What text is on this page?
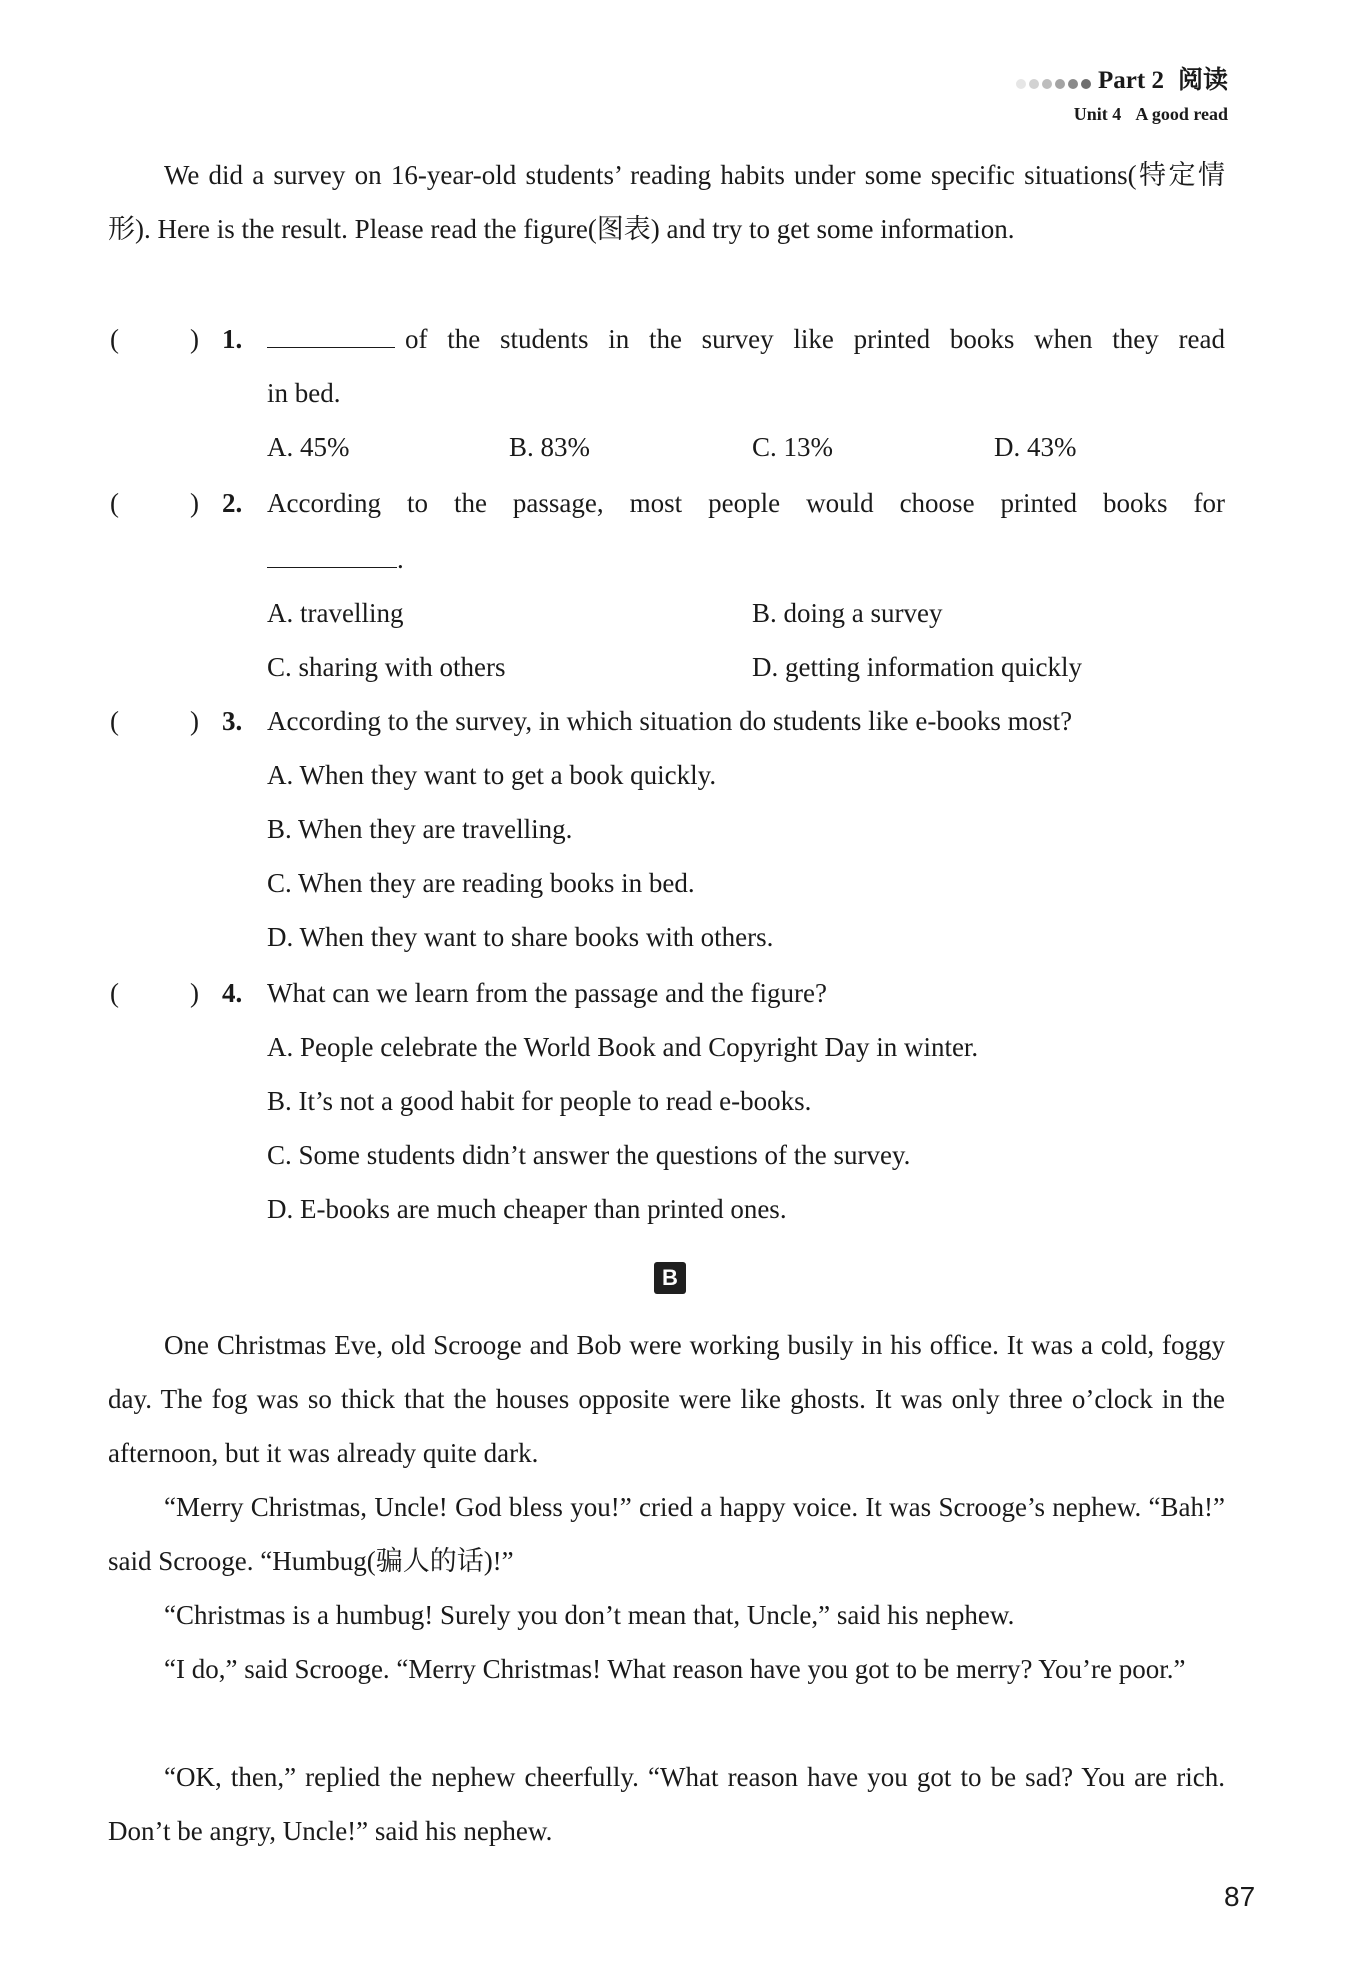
Part 2 阅读
Unit 4 A good read
We did a survey on 16-year-old students’ reading habits under some specific situations(特定情形). Here is the result. Please read the figure(图表) and try to get some information.
(	) 1.	of the students in the survey like printed books when they read
in bed.
A. 45%	B. 83%	C. 13%	D. 43%
(	) 2. According to the passage, most people would choose printed books for
.
A. travelling	B. doing a survey
C. sharing with others	D. getting information quickly
(	) 3. According to the survey, in which situation do students like e-books most?
A. When they want to get a book quickly.
B. When they are travelling.
C. When they are reading books in bed.
D. When they want to share books with others.
(	) 4. What can we learn from the passage and the figure?
A. People celebrate the World Book and Copyright Day in winter.
B. It’s not a good habit for people to read e-books.
C. Some students didn’t answer the questions of the survey.
D. E-books are much cheaper than printed ones.
B
One Christmas Eve, old Scrooge and Bob were working busily in his office. It was a cold, foggy day. The fog was so thick that the houses opposite were like ghosts. It was only three o’clock in the afternoon, but it was already quite dark.
“Merry Christmas, Uncle! God bless you!” cried a happy voice. It was Scrooge’s nephew. “Bah!” said Scrooge. “Humbug(骗人的话)!”
“Christmas is a humbug! Surely you don’t mean that, Uncle,” said his nephew.
“I do,” said Scrooge. “Merry Christmas! What reason have you got to be merry? You’re poor.”
“OK, then,” replied the nephew cheerfully. “What reason have you got to be sad? You are rich. Don’t be angry, Uncle!” said his nephew.
87
